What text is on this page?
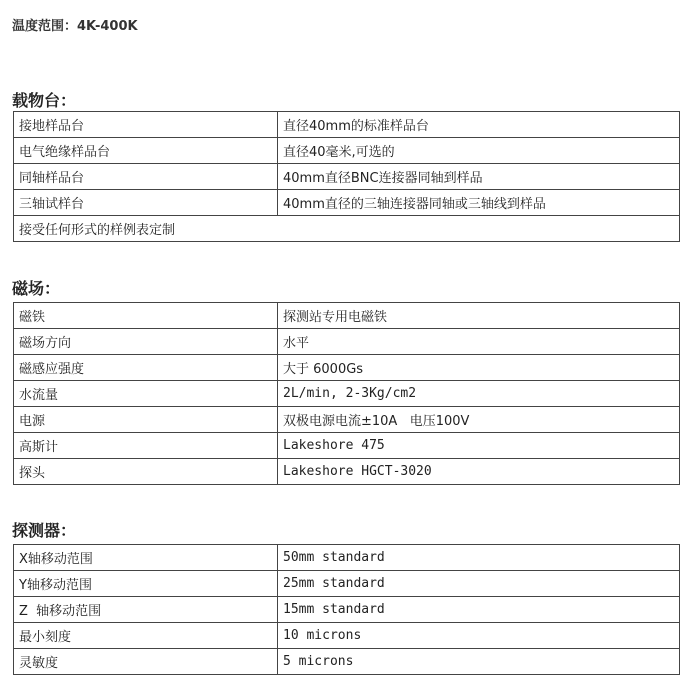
温度范围：4K-400K
载物台：
接地样品台	直径40mm的标准样品台
电气绝缘样品台	直径40毫米,可选的
同轴样品台	40mm直径BNC连接器同轴到样品
三轴试样台	40mm直径的三轴连接器同轴或三轴线到样品
接受任何形式的样例表定制	
磁场：
磁铁	探测站专用电磁铁
磁场方向	水平
磁感应强度	大于 6000Gs
水流量	2L/min, 2-3Kg/cm2
电源	双极电源电流±10A   电压100V
高斯计	Lakeshore 475
探头	Lakeshore HGCT-3020
探测器：
X轴移动范围	50mm standard
Y轴移动范围	25mm standard
Z  轴移动范围	15mm standard
最小刻度	10 microns
灵敏度	5 microns
